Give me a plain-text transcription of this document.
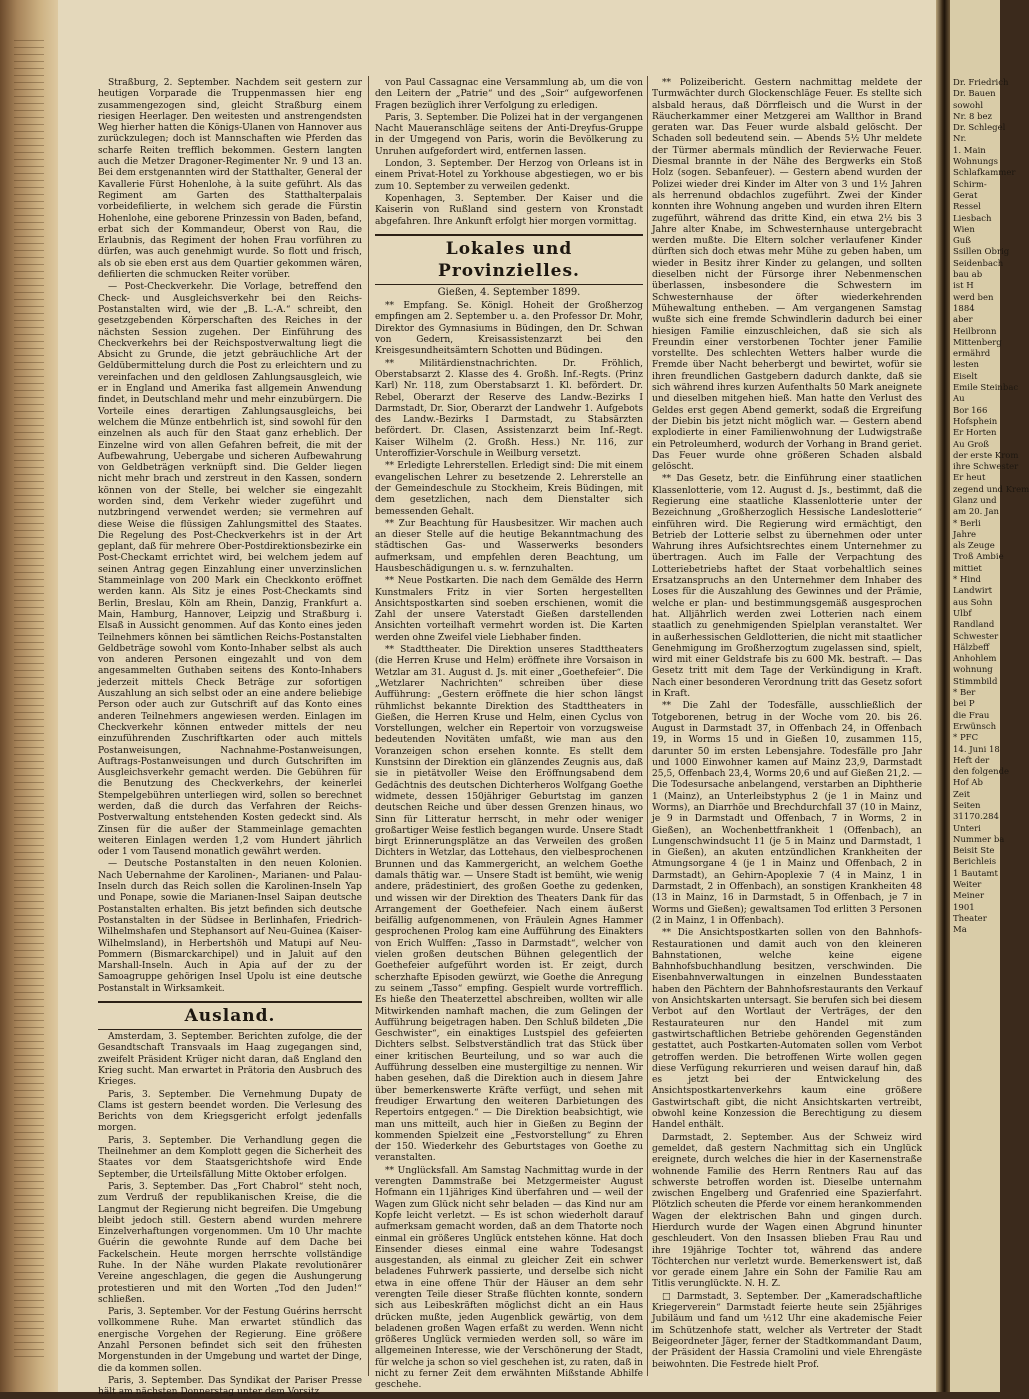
Straßburg, 2. September. Nachdem seit gestern zur heutigen Vorparade die Truppenmassen hier eng zusammengezogen sind, gleicht Straßburg einem riesigen Heerlager. Den weitesten und anstrengendsten Weg hierher hatten die Königs-Ulanen von Hannover aus zurückzulegen; doch ist Mannschaften wie Pferden das scharfe Reiten trefflich bekommen. Gestern langten auch die Metzer Dragoner-Regimenter Nr. 9 und 13 an. Bei dem erstgenannten wird der Statthalter, General der Kavallerie Fürst Hohenlohe, à la suite geführt. Als das Regiment am Garten des Statthalterpalais vorbeidefilierte, in welchem sich gerade die Fürstin Hohenlohe, eine geborene Prinzessin von Baden, befand, erbat sich der Kommandeur, Oberst von Rau, die Erlaubnis, das Regiment der hohen Frau vorführen zu dürfen, was auch genehmigt wurde. So flott und frisch, als ob sie eben erst aus dem Quartier gekommen wären, defilierten die schmucken Reiter vorüber.

— Post-Checkverkehr. Die Vorlage, betreffend den Check- und Ausgleichsverkehr bei den Reichs-Postanstalten wird, wie der „B. L.-A.“ schreibt, den gesetzgebenden Körperschaften des Reiches in der nächsten Session zugehen. Der Einführung des Checkverkehrs bei der Reichspostverwaltung liegt die Absicht zu Grunde, die jetzt gebräuchliche Art der Geldübermittelung durch die Post zu erleichtern und zu vereinfachen und den geldlosen Zahlungsausgleich, wie er in England und Amerika fast allgemein Anwendung findet, in Deutschland mehr und mehr einzubürgern. Die Vorteile eines derartigen Zahlungsausgleichs, bei welchem die Münze entbehrlich ist, sind sowohl für den einzelnen als auch für den Staat ganz erheblich. Der Einzelne wird von allen Gefahren befreit, die mit der Aufbewahrung, Uebergabe und sicheren Aufbewahrung von Geldbeträgen verknüpft sind. Die Gelder liegen nicht mehr brach und zerstreut in den Kassen, sondern können von der Stelle, bei welcher sie eingezahlt worden sind, dem Verkehr wieder zugeführt und nutzbringend verwendet werden; sie vermehren auf diese Weise die flüssigen Zahlungsmittel des Staates. Die Regelung des Post-Checkverkehrs ist in der Art geplant, daß für mehrere Ober-Postdirektionsbezirke ein Post-Checkamt errichtet wird, bei welchem jedem auf seinen Antrag gegen Einzahlung einer unverzinslichen Stammeinlage von 200 Mark ein Checkkonto eröffnet werden kann. Als Sitz je eines Post-Checkamts sind Berlin, Breslau, Köln am Rhein, Danzig, Frankfurt a. Main, Hamburg, Hannover, Leipzig und Straßburg i. Elsaß in Aussicht genommen. Auf das Konto eines jeden Teilnehmers können bei sämtlichen Reichs-Postanstalten Geldbeträge sowohl vom Konto-Inhaber selbst als auch von anderen Personen eingezahlt und von dem angesammelten Guthaben seitens des Konto-Inhabers jederzeit mittels Check Beträge zur sofortigen Auszahlung an sich selbst oder an eine andere beliebige Person oder auch zur Gutschrift auf das Konto eines anderen Teilnehmers angewiesen werden. Einlagen im Checkverkehr können entweder mittels der neu einzuführenden Zuschriftkarten oder auch mittels Postanweisungen, Nachnahme-Postanweisungen, Auftrags-Postanweisungen und durch Gutschriften im Ausgleichsverkehr gemacht werden. Die Gebühren für die Benutzung des Checkverkehrs, der keinerlei Stempelgebühren unterliegen wird, sollen so berechnet werden, daß die durch das Verfahren der Reichs-Postverwaltung entstehenden Kosten gedeckt sind. Als Zinsen für die außer der Stammeinlage gemachten weiteren Einlagen werden 1,2 vom Hundert jährlich oder 1 vom Tausend monatlich gewährt werden.

— Deutsche Postanstalten in den neuen Kolonien. Nach Uebernahme der Karolinen-, Marianen- und Palau-Inseln durch das Reich sollen die Karolinen-Inseln Yap und Ponape, sowie die Marianen-Insel Saipan deutsche Postanstalten erhalten. Bis jetzt befinden sich deutsche Postanstalten in der Südsee in Berlinhafen, Friedrich-Wilhelmshafen und Stephansort auf Neu-Guinea (Kaiser-Wilhelmsland), in Herbertshöh und Matupi auf Neu-Pommern (Bismarckarchipel) und in Jaluit auf den Marshall-Inseln. Auch in Apia auf der zu der Samoagruppe gehörigen Insel Upolu ist eine deutsche Postanstalt in Wirksamkeit.

Ausland.

Amsterdam, 3. September. Berichten zufolge, die der Gesandtschaft Transvaals im Haag zugegangen sind, zweifelt Präsident Krüger nicht daran, daß England den Krieg sucht. Man erwartet in Prätoria den Ausbruch des Krieges.

Paris, 3. September. Die Vernehmung Dupaty de Clams ist gestern beendet worden. Die Verlesung des Berichts von dem Kriegsgericht erfolgt jedenfalls morgen.

Paris, 3. September. Die Verhandlung gegen die Theilnehmer an dem Komplott gegen die Sicherheit des Staates vor dem Staatsgerichtshofe wird Ende September, die Urteilsfällung Mitte Oktober erfolgen.

Paris, 3. September. Das „Fort Chabrol“ steht noch, zum Verdruß der republikanischen Kreise, die die Langmut der Regierung nicht begreifen. Die Umgebung bleibt jedoch still. Gestern abend wurden mehrere Einzelverhaftungen vorgenommen. Um 10 Uhr machte Guérin die gewohnte Runde auf dem Dache bei Fackelschein. Heute morgen herrschte vollständige Ruhe. In der Nähe wurden Plakate revolutionärer Vereine angeschlagen, die gegen die Aushungerung protestieren und mit den Worten „Tod den Juden!“ schließen.

Paris, 3. September. Vor der Festung Guérins herrscht vollkommene Ruhe. Man erwartet stündlich das energische Vorgehen der Regierung. Eine größere Anzahl Personen befindet sich seit den frühesten Morgenstunden in der Umgebung und wartet der Dinge, die da kommen sollen.

Paris, 3. September. Das Syndikat der Pariser Presse hält am nächsten Donnerstag unter dem Vorsitz

von Paul Cassagnac eine Versammlung ab, um die von den Leitern der „Patrie“ und des „Soir“ aufgeworfenen Fragen bezüglich ihrer Verfolgung zu erledigen.

Paris, 3. September. Die Polizei hat in der vergangenen Nacht Maueranschläge seitens der Anti-Dreyfus-Gruppe in der Umgegend von Paris, worin die Bevölkerung zu Unruhen aufgefordert wird, entfernen lassen.

London, 3. September. Der Herzog von Orleans ist in einem Privat-Hotel zu Yorkhouse abgestiegen, wo er bis zum 10. September zu verweilen gedenkt.

Kopenhagen, 3. September. Der Kaiser und die Kaiserin von Rußland sind gestern von Kronstadt abgefahren. Ihre Ankunft erfolgt hier morgen vormittag.

Lokales und Provinzielles.
Gießen, 4. September 1899.

** Empfang. Se. Königl. Hoheit der Großherzog empfingen am 2. September u. a. den Professor Dr. Mohr, Direktor des Gymnasiums in Büdingen, den Dr. Schwan von Gedern, Kreisassistenzarzt bei den Kreisgesundheitsämtern Schotten und Büdingen.

** Militärdienstnachrichten. Dr. Fröhlich, Oberstabsarzt 2. Klasse des 4. Großh. Inf.-Regts. (Prinz Karl) Nr. 118, zum Oberstabsarzt 1. Kl. befördert. Dr. Rebel, Oberarzt der Reserve des Landw.-Bezirks I Darmstadt, Dr. Sior, Oberarzt der Landwehr 1. Aufgebots des Landw.-Bezirks I Darmstadt, zu Stabsärzten befördert. Dr. Clasen, Assistenzarzt beim Inf.-Regt. Kaiser Wilhelm (2. Großh. Hess.) Nr. 116, zur Unteroffizier-Vorschule in Weilburg versetzt.

** Erledigte Lehrerstellen. Erledigt sind: Die mit einem evangelischen Lehrer zu besetzende 2. Lehrerstelle an der Gemeindeschule zu Stockheim, Kreis Büdingen, mit dem gesetzlichen, nach dem Dienstalter sich bemessenden Gehalt.

** Zur Beachtung für Hausbesitzer. Wir machen auch an dieser Stelle auf die heutige Bekanntmachung des städtischen Gas- und Wasserwerks besonders aufmerksam, und empfehlen deren Beachtung, um Hausbeschädigungen u. s. w. fernzuhalten.

** Neue Postkarten. Die nach dem Gemälde des Herrn Kunstmalers Fritz in vier Sorten hergestellten Ansichtspostkarten sind soeben erschienen, womit die Zahl der unsere Vaterstadt Gießen darstellenden Ansichten vorteilhaft vermehrt worden ist. Die Karten werden ohne Zweifel viele Liebhaber finden.

** Stadttheater. Die Direktion unseres Stadttheaters (die Herren Kruse und Helm) eröffnete ihre Vorsaison in Wetzlar am 31. August d. Js. mit einer „Goethefeier“. Die „Wetzlarer Nachrichten“ schreiben über diese Aufführung: „Gestern eröffnete die hier schon längst rühmlichst bekannte Direktion des Stadttheaters in Gießen, die Herren Kruse und Helm, einen Cyclus von Vorstellungen, welcher ein Repertoir von vorzugsweise bedeutenden Novitäten umfaßt, wie man aus den Voranzeigen schon ersehen konnte. Es stellt dem Kunstsinn der Direktion ein glänzendes Zeugnis aus, daß sie in pietätvoller Weise den Eröffnungsabend dem Gedächtnis des deutschen Dichterheros Wolfgang Goethe widmete, dessen 150jähriger Geburtstag im ganzen deutschen Reiche und über dessen Grenzen hinaus, wo Sinn für Litteratur herrscht, in mehr oder weniger großartiger Weise festlich begangen wurde. Unsere Stadt birgt Erinnerungsplätze an das Verweilen des großen Dichters in Wetzlar, das Lottehaus, den vielbesprochenen Brunnen und das Kammergericht, an welchem Goethe damals thätig war. — Unsere Stadt ist bemüht, wie wenig andere, prädestiniert, des großen Goethe zu gedenken, und wissen wir der Direktion des Theaters Dank für das Arrangement der Goethefeier. Nach einem äußerst beifällig aufgenommenen, von Fräulein Agnes Hammer gesprochenen Prolog kam eine Aufführung des Einakters von Erich Wulffen: „Tasso in Darmstadt“, welcher von vielen großen deutschen Bühnen gelegentlich der Goethefeier aufgeführt worden ist. Er zeigt, durch scherzhafte Episoden gewürzt, wie Goethe die Anregung zu seinem „Tasso“ empfing. Gespielt wurde vortrefflich. Es hieße den Theaterzettel abschreiben, wollten wir alle Mitwirkenden namhaft machen, die zum Gelingen der Aufführung beigetragen haben. Den Schluß bildeten „Die Geschwister“, ein einaktiges Lustspiel des gefeierten Dichters selbst. Selbstverständlich trat das Stück über einer kritischen Beurteilung, und so war auch die Aufführung desselben eine mustergiltige zu nennen. Wir haben gesehen, daß die Direktion auch in diesem Jahre über bemerkenswerte Kräfte verfügt, und sehen mit freudiger Erwartung den weiteren Darbietungen des Repertoirs entgegen.“ — Die Direktion beabsichtigt, wie man uns mitteilt, auch hier in Gießen zu Beginn der kommenden Spielzeit eine „Festvorstellung“ zu Ehren der 150. Wiederkehr des Geburtstages von Goethe zu veranstalten.

** Unglücksfall. Am Samstag Nachmittag wurde in der verengten Dammstraße bei Metzgermeister August Hofmann ein 11jähriges Kind überfahren und — weil der Wagen zum Glück nicht sehr beladen — das Kind nur am Kopfe leicht verletzt. — Es ist schon wiederholt darauf aufmerksam gemacht worden, daß an dem Thatorte noch einmal ein größeres Unglück entstehen könne. Hat doch Einsender dieses einmal eine wahre Todesangst ausgestanden, als einmal zu gleicher Zeit ein schwer beladenes Fuhrwerk passierte, und derselbe sich nicht etwa in eine offene Thür der Häuser an dem sehr verengten Teile dieser Straße flüchten konnte, sondern sich aus Leibeskräften möglichst dicht an ein Haus drücken mußte, jeden Augenblick gewärtig, von dem beladenen großen Wagen erfaßt zu werden. Wenn nicht größeres Unglück vermieden werden soll, so wäre im allgemeinen Interesse, wie der Verschönerung der Stadt, für welche ja schon so viel geschehen ist, zu raten, daß in nicht zu ferner Zeit dem erwähnten Mißstande Abhilfe geschehe.

** Polizeibericht. Gestern nachmittag meldete der Turmwächter durch Glockenschläge Feuer. Es stellte sich alsbald heraus, daß Dörrfleisch und die Wurst in der Räucherkammer einer Metzgerei am Wallthor in Brand geraten war. Das Feuer wurde alsbald gelöscht. Der Schaden soll bedeutend sein. — Abends 5½ Uhr meldete der Türmer abermals mündlich der Revierwache Feuer. Diesmal brannte in der Nähe des Bergwerks ein Stoß Holz (sogen. Sebanfeuer). — Gestern abend wurden der Polizei wieder drei Kinder im Alter von 3 und 1½ Jahren als herrenund obdachlos zugeführt. Zwei der Kinder konnten ihre Wohnung angeben und wurden ihren Eltern zugeführt, während das dritte Kind, ein etwa 2½ bis 3 Jahre alter Knabe, im Schwesternhause untergebracht werden mußte. Die Eltern solcher verlaufener Kinder dürften sich doch etwas mehr Mühe zu geben haben, um wieder in Besitz ihrer Kinder zu gelangen, und sollten dieselben nicht der Fürsorge ihrer Nebenmenschen überlassen, insbesondere die Schwestern im Schwesternhause der öfter wiederkehrenden Mühewaltung entheben. — Am vergangenen Samstag wußte sich eine fremde Schwindlerin dadurch bei einer hiesigen Familie einzuschleichen, daß sie sich als Freundin einer verstorbenen Tochter jener Familie vorstellte. Des schlechten Wetters halber wurde die Fremde über Nacht beherbergt und bewirtet, wofür sie ihren freundlichen Gastgebern dadurch dankte, daß sie sich während ihres kurzen Aufenthalts 50 Mark aneignete und dieselben mitgehen hieß. Man hatte den Verlust des Geldes erst gegen Abend gemerkt, sodaß die Ergreifung der Diebin bis jetzt nicht möglich war. — Gestern abend explodierte in einer Familienwohnung der Ludwigstraße ein Petroleumherd, wodurch der Vorhang in Brand geriet. Das Feuer wurde ohne größeren Schaden alsbald gelöscht.

** Das Gesetz, betr. die Einführung einer staatlichen Klassenlotterie, vom 12. August d. Js., bestimmt, daß die Regierung eine staatliche Klassenlotterie unter der Bezeichnung „Großherzoglich Hessische Landeslotterie“ einführen wird. Die Regierung wird ermächtigt, den Betrieb der Lotterie selbst zu übernehmen oder unter Wahrung ihres Aufsichtsrechtes einem Unternehmer zu übertragen. Auch im Falle der Verpachtung des Lotteriebetriebs haftet der Staat vorbehaltlich seines Ersatzanspruchs an den Unternehmer dem Inhaber des Loses für die Auszahlung des Gewinnes und der Prämie, welche er plan- und bestimmungsgemäß ausgesprochen hat. Alljährlich werden zwei Lotterien nach einem staatlich zu genehmigenden Spielplan veranstaltet. Wer in außerhessischen Geldlotterien, die nicht mit staatlicher Genehmigung im Großherzogtum zugelassen sind, spielt, wird mit einer Geldstrafe bis zu 600 Mk. bestraft. — Das Gesetz tritt mit dem Tage der Verkündigung in Kraft. Nach einer besonderen Verordnung tritt das Gesetz sofort in Kraft.

** Die Zahl der Todesfälle, ausschließlich der Totgeborenen, betrug in der Woche vom 20. bis 26. August in Darmstadt 37, in Offenbach 24, in Offenbach 19, in Worms 15 und in Gießen 10, zusammen 115, darunter 50 im ersten Lebensjahre. Todesfälle pro Jahr und 1000 Einwohner kamen auf Mainz 23,9, Darmstadt 25,5, Offenbach 23,4, Worms 20,6 und auf Gießen 21,2. — Die Todesursache anbelangend, verstarben an Diphtherie 1 (Mainz), an Unterleibstyphus 2 (je 1 in Mainz und Worms), an Diarrhöe und Brechdurchfall 37 (10 in Mainz, je 9 in Darmstadt und Offenbach, 7 in Worms, 2 in Gießen), an Wochenbettfrankheit 1 (Offenbach), an Lungenschwindsucht 11 (je 5 in Mainz und Darmstadt, 1 in Gießen), an akuten entzündlichen Krankheiten der Atmungsorgane 4 (je 1 in Mainz und Offenbach, 2 in Darmstadt), an Gehirn-Apoplexie 7 (4 in Mainz, 1 in Darmstadt, 2 in Offenbach), an sonstigen Krankheiten 48 (13 in Mainz, 16 in Darmstadt, 5 in Offenbach, je 7 in Worms und Gießen); gewaltsamen Tod erlitten 3 Personen (2 in Mainz, 1 in Offenbach).

** Die Ansichtspostkarten sollen von den Bahnhofs-Restaurationen und damit auch von den kleineren Bahnstationen, welche keine eigene Bahnhofsbuchhandlung besitzen, verschwinden. Die Eisenbahnverwaltungen in einzelnen Bundesstaaten haben den Pächtern der Bahnhofsrestaurants den Verkauf von Ansichtskarten untersagt. Sie berufen sich bei diesem Verbot auf den Wortlaut der Verträges, der den Restaurateuren nur den Handel mit zum gastwirtschaftlichen Betriebe gehörenden Gegenständen gestattet, auch Postkarten-Automaten sollen vom Verbot getroffen werden. Die betroffenen Wirte wollen gegen diese Verfügung rekurrieren und weisen darauf hin, daß es jetzt bei der Entwickelung des Ansichtspostkartenverkehrs kaum eine größere Gastwirtschaft gibt, die nicht Ansichtskarten vertreibt, obwohl keine Konzession die Berechtigung zu diesem Handel enthält.

Darmstadt, 2. September. Aus der Schweiz wird gemeldet, daß gestern Nachmittag sich ein Unglück ereignete, durch welches die hier in der Kasernenstraße wohnende Familie des Herrn Rentners Rau auf das schwerste betroffen worden ist. Dieselbe unternahm zwischen Engelberg und Grafenried eine Spazierfahrt. Plötzlich scheuten die Pferde vor einem herankommenden Wagen der elektrischen Bahn und gingen durch. Hierdurch wurde der Wagen einen Abgrund hinunter geschleudert. Von den Insassen blieben Frau Rau und ihre 19jährige Tochter tot, während das andere Töchterchen nur verletzt wurde. Bemerkenswert ist, daß vor gerade einem Jahre ein Sohn der Familie Rau am Titlis verunglückte. N. H. Z.

□ Darmstadt, 3. September. Der „Kameradschaftliche Kriegerverein“ Darmstadt feierte heute sein 25jähriges Jubiläum und fand um ½12 Uhr eine akademische Feier im Schützenhofe statt, welcher als Vertreter der Stadt Beigeordneter Jäger, ferner der Stadtkommandant Daum, der Präsident der Hassia Cramolini und viele Ehrengäste beiwohnten. Die Festrede hielt Prof.

Dr. Friedrich
Dr. Bauen
sowohl
Nr. 8 bez
Dr. Schlegel
Nr.
1. Main
Wohnungs
Schlafkammer
Schirm-
Gerat
Ressel
Liesbach
Wien
Guß
Ssillen Obrig
Seidenbach
bau ab
ist H
werd ben
1884
aber
Heilbronn
Mittenberg
ermährd
lesten
Eiselt
Emile Steinbac
Au
Bor 166
Hofsphein
Er Horten
Au Groß
der erste Krom
ihre Schwester
Er heut
zegend und Krem
Glanz und
am 20. Jan
* Berli
Jahre
als Zeuge
Troß Ambie
mittiet
* Hind
Landwirt
aus Sohn
Ulbf
Randland
Schwester
Hälzbeff
Anhohlem
wohnung
Stimmbild
* Ber
bei P
die Frau
Erwünsch
* PFC
14. Juni 18
Heft der
den folgende
Hof Ab
Zeit
Seiten
31170.284
Unteri
Nummer ba
Beisit Ste
Berichleis
1 Bautamt
Weiter
Meiner
1901
Theater
Ma
